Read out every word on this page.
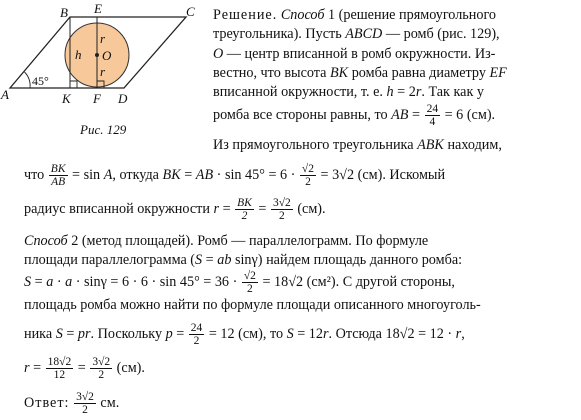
B E	C
A	K F D
O
h
r
r
45°
Рис. 129
Решение. Способ 1 (решение прямоугольного
треугольника). Пусть ABCD — ромб (рис. 129),
O — центр вписанной в ромб окружности. Из-
вестно, что высота BK ромба равна диаметру EF
вписанной окружности, т. е. h = 2r. Так как у
ромба все стороны равны, то AB = $\frac{24}{4} = 6$ (см).
Из прямоугольного треугольника ABK находим,
что $\frac{BK}{AB} = \sin A$, откуда BK = AB · $\sin 45^\circ = 6 \cdot \frac{√2}{2} = 3√2$ (см). Искомый
радиус вписанной окружности $r = \frac{BK}{2} = \frac{3√2}{2} (см)$.
Способ 2 (метод площадей). Ромб — параллелограмм. По формуле
площади параллелограмма (S = ab sinγ) найдем площадь данного ромба:
$S = a \cdot a \cdot \sin\gamma = 6 \cdot 6 \cdot \sin 45^\circ = 36 \cdot \frac{√2}{2} = 18√2$ (см²). С другой стороны,
площадь ромба можно найти по формуле площади описанного многоуголь-
ника S = pr. Поскольку $p = \frac{24}{2} = 12$ (см), то S = 12r. Отсюда 18√2 = 12 · r,
$r = \frac{18√2}{12} = \frac{3√2}{2} (см)$.
Ответ: $\frac{3√2}{2}$ см.
